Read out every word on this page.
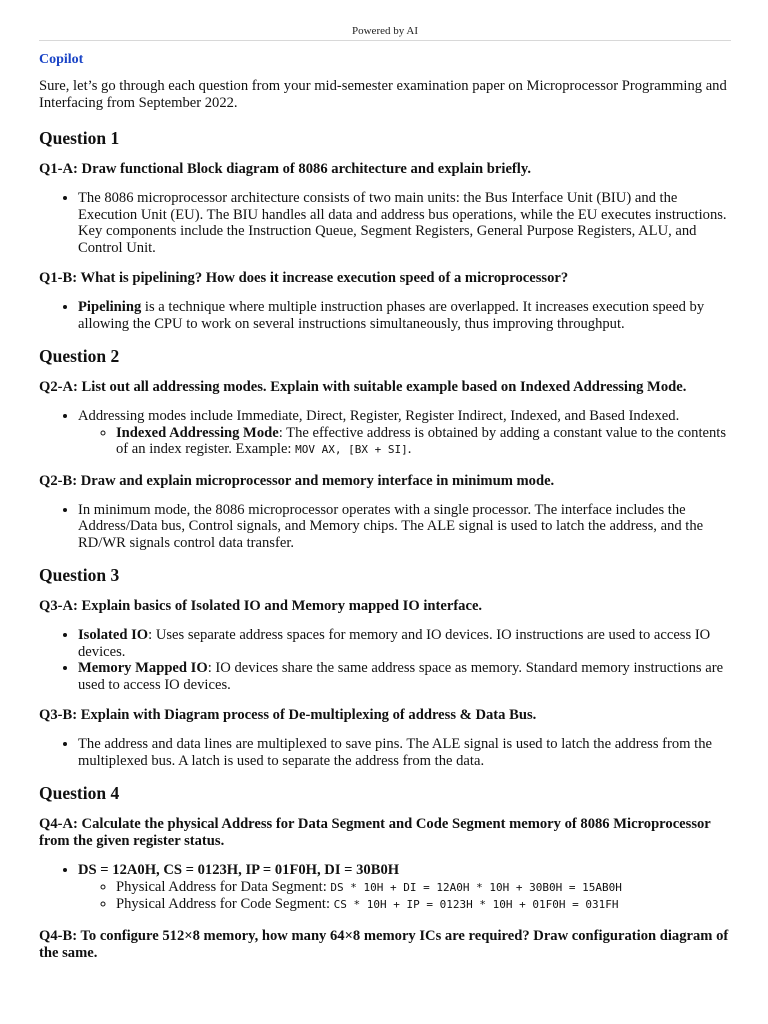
Powered by AI

Copilot

Sure, let’s go through each question from your mid-semester examination paper on Microprocessor Programming and Interfacing from September 2022.

Question 1
Q1-A: Draw functional Block diagram of 8086 architecture and explain briefly.
• The 8086 microprocessor architecture consists of two main units: the Bus Interface Unit (BIU) and the Execution Unit (EU). The BIU handles all data and address bus operations, while the EU executes instructions. Key components include the Instruction Queue, Segment Registers, General Purpose Registers, ALU, and Control Unit.
Q1-B: What is pipelining? How does it increase execution speed of a microprocessor?
• Pipelining is a technique where multiple instruction phases are overlapped. It increases execution speed by allowing the CPU to work on several instructions simultaneously, thus improving throughput.
Question 2
Q2-A: List out all addressing modes. Explain with suitable example based on Indexed Addressing Mode.
• Addressing modes include Immediate, Direct, Register, Register Indirect, Indexed, and Based Indexed.
◦ Indexed Addressing Mode: The effective address is obtained by adding a constant value to the contents of an index register. Example: MOV AX, [BX + SI].
Q2-B: Draw and explain microprocessor and memory interface in minimum mode.
• In minimum mode, the 8086 microprocessor operates with a single processor. The interface includes the Address/Data bus, Control signals, and Memory chips. The ALE signal is used to latch the address, and the RD/WR signals control data transfer.
Question 3
Q3-A: Explain basics of Isolated IO and Memory mapped IO interface.
• Isolated IO: Uses separate address spaces for memory and IO devices. IO instructions are used to access IO devices.
• Memory Mapped IO: IO devices share the same address space as memory. Standard memory instructions are used to access IO devices.
Q3-B: Explain with Diagram process of De-multiplexing of address & Data Bus.
• The address and data lines are multiplexed to save pins. The ALE signal is used to latch the address from the multiplexed bus. A latch is used to separate the address from the data.
Question 4
Q4-A: Calculate the physical Address for Data Segment and Code Segment memory of 8086 Microprocessor from the given register status.
• DS = 12A0H, CS = 0123H, IP = 01F0H, DI = 30B0H
◦ Physical Address for Data Segment: DS * 10H + DI = 12A0H * 10H + 30B0H = 15AB0H
◦ Physical Address for Code Segment: CS * 10H + IP = 0123H * 10H + 01F0H = 031FH
Q4-B: To configure 512×8 memory, how many 64×8 memory ICs are required? Draw configuration diagram of the same.
